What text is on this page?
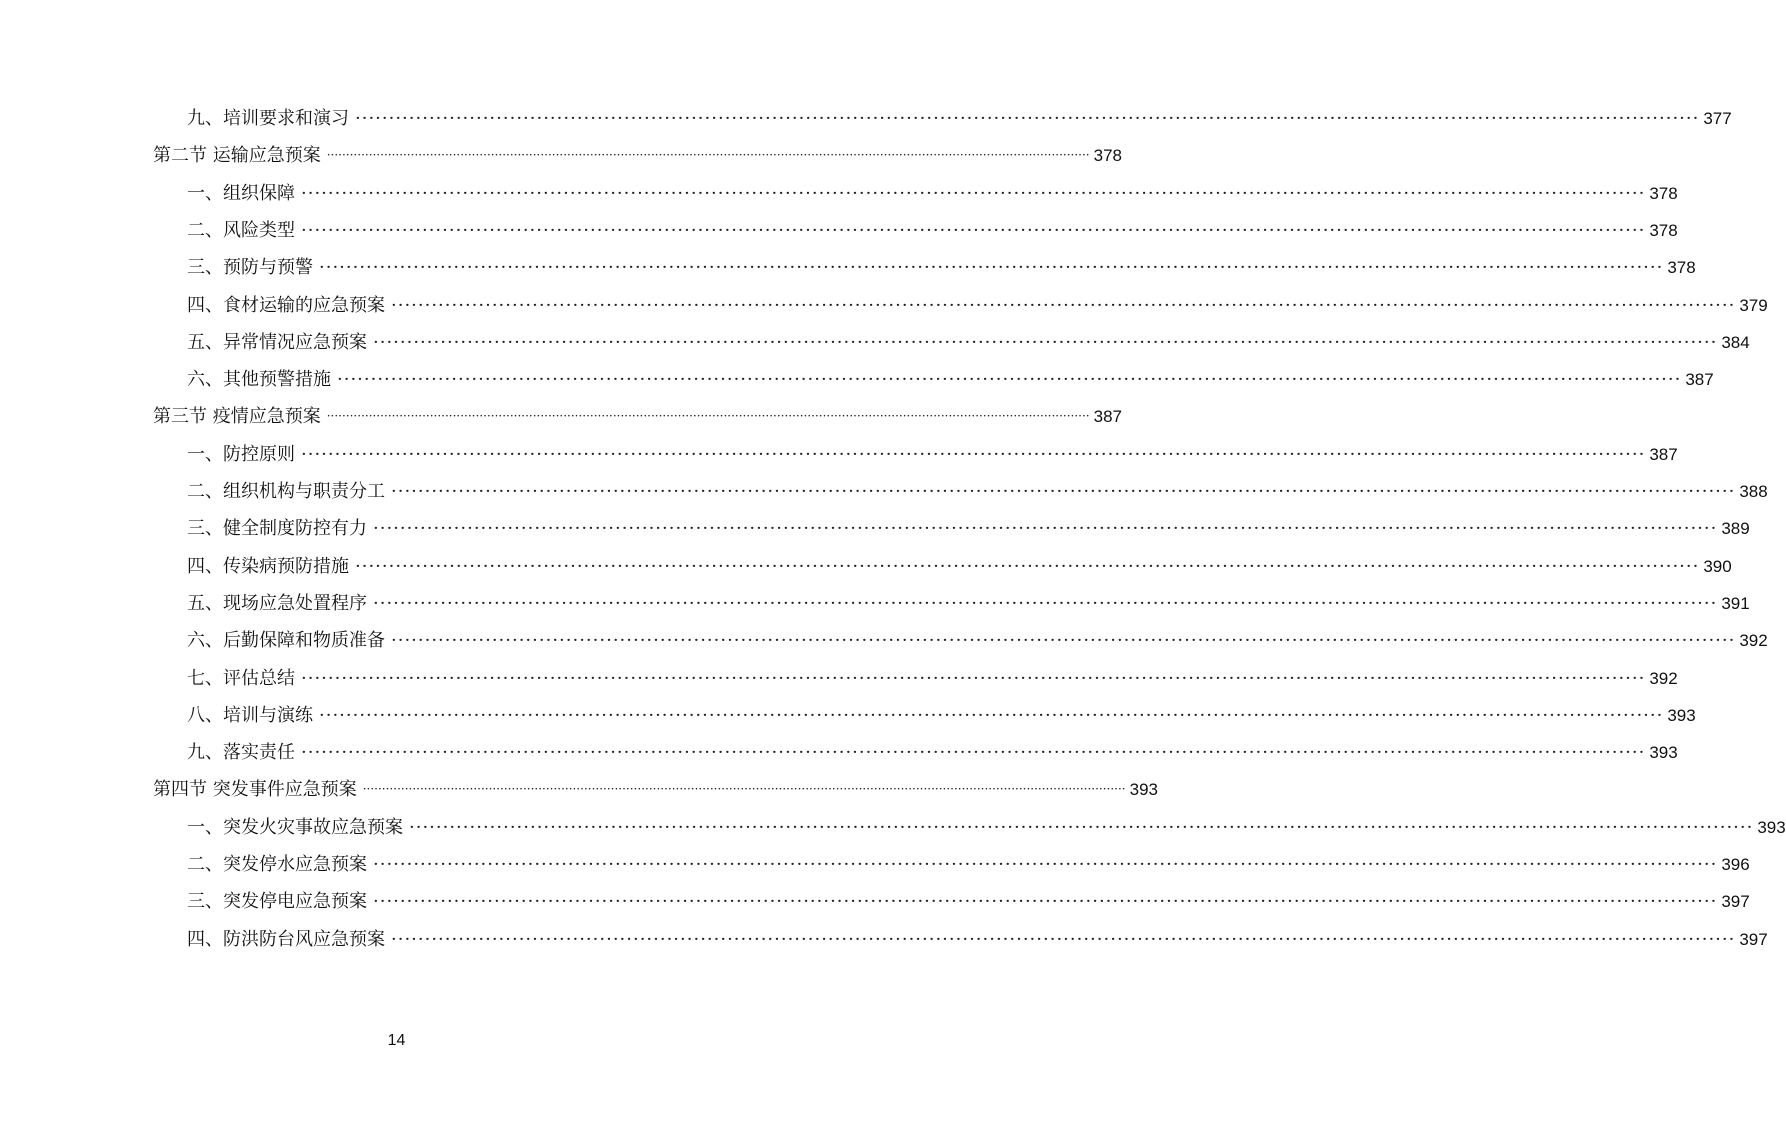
九、培训要求和演习 ········································································································································································································ 377
第二节 运输应急预案 ········································································································································································································ 378
一、组织保障 ········································································································································································································ 378
二、风险类型 ········································································································································································································ 378
三、预防与预警 ········································································································································································································ 378
四、食材运输的应急预案 ········································································································································································································ 379
五、异常情况应急预案 ········································································································································································································ 384
六、其他预警措施 ········································································································································································································ 387
第三节 疫情应急预案 ········································································································································································································ 387
一、防控原则 ········································································································································································································ 387
二、组织机构与职责分工 ········································································································································································································ 388
三、健全制度防控有力 ········································································································································································································ 389
四、传染病预防措施 ········································································································································································································ 390
五、现场应急处置程序 ········································································································································································································ 391
六、后勤保障和物质准备 ········································································································································································································ 392
七、评估总结 ········································································································································································································ 392
八、培训与演练 ········································································································································································································ 393
九、落实责任 ········································································································································································································ 393
第四节 突发事件应急预案 ········································································································································································································ 393
一、突发火灾事故应急预案 ········································································································································································································ 393
二、突发停水应急预案 ········································································································································································································ 396
三、突发停电应急预案 ········································································································································································································ 397
四、防洪防台风应急预案 ········································································································································································································ 397
14
